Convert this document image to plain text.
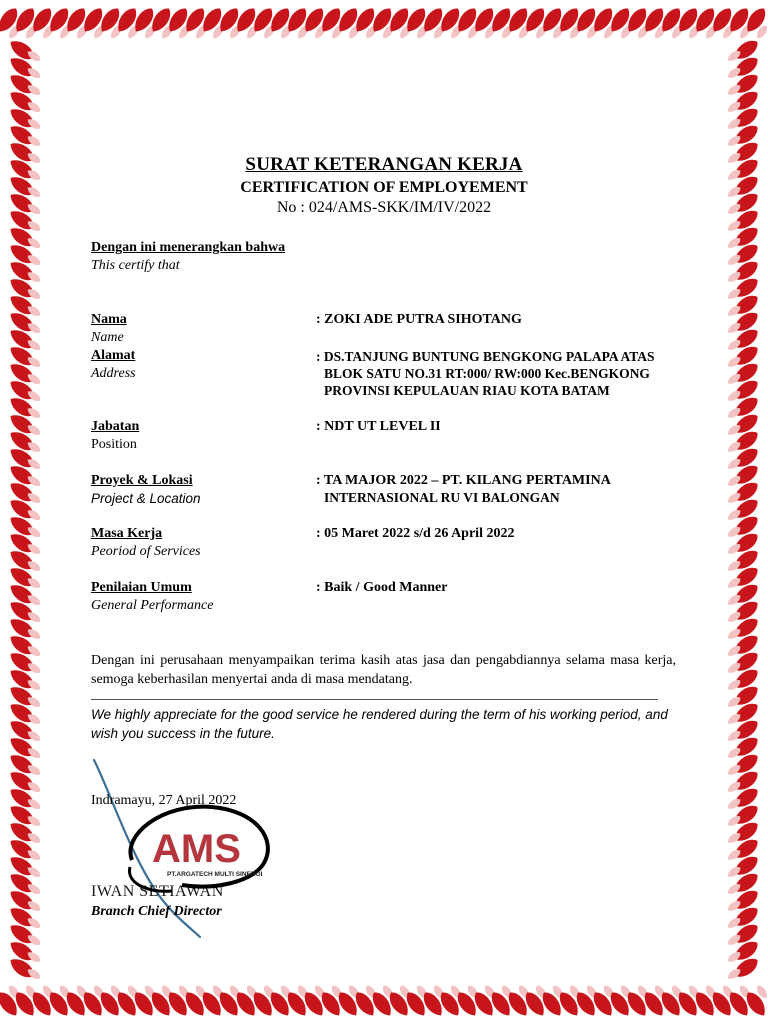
SURAT KETERANGAN KERJA
CERTIFICATION OF EMPLOYEMENT
No : 024/AMS-SKK/IM/IV/2022
Dengan ini menerangkan bahwa
This certify that
Nama
Name
: ZOKI ADE PUTRA SIHOTANG
Alamat
Address
: DS.TANJUNG BUNTUNG BENGKONG PALAPA ATAS
BLOK SATU NO.31 RT:000/ RW:000 Kec.BENGKONG
PROVINSI KEPULAUAN RIAU KOTA BATAM
Jabatan
Position
: NDT UT LEVEL II
Proyek & Lokasi
Project & Location
: TA MAJOR 2022 – PT. KILANG PERTAMINA
INTERNASIONAL RU VI BALONGAN
Masa Kerja
Peoriod of Services
: 05 Maret 2022 s/d 26 April 2022
Penilaian Umum
General Performance
: Baik / Good Manner
Dengan ini perusahaan menyampaikan terima kasih atas jasa dan pengabdiannya selama masa kerja, semoga keberhasilan menyertai anda di masa mendatang.
We highly appreciate for the good service he rendered during the term of his working period, and wish you success in the future.
AMS
PT.ARGATECH MULTI SINERGI
Indramayu, 27 April 2022
IWAN SETIAWAN
Branch Chief Director
